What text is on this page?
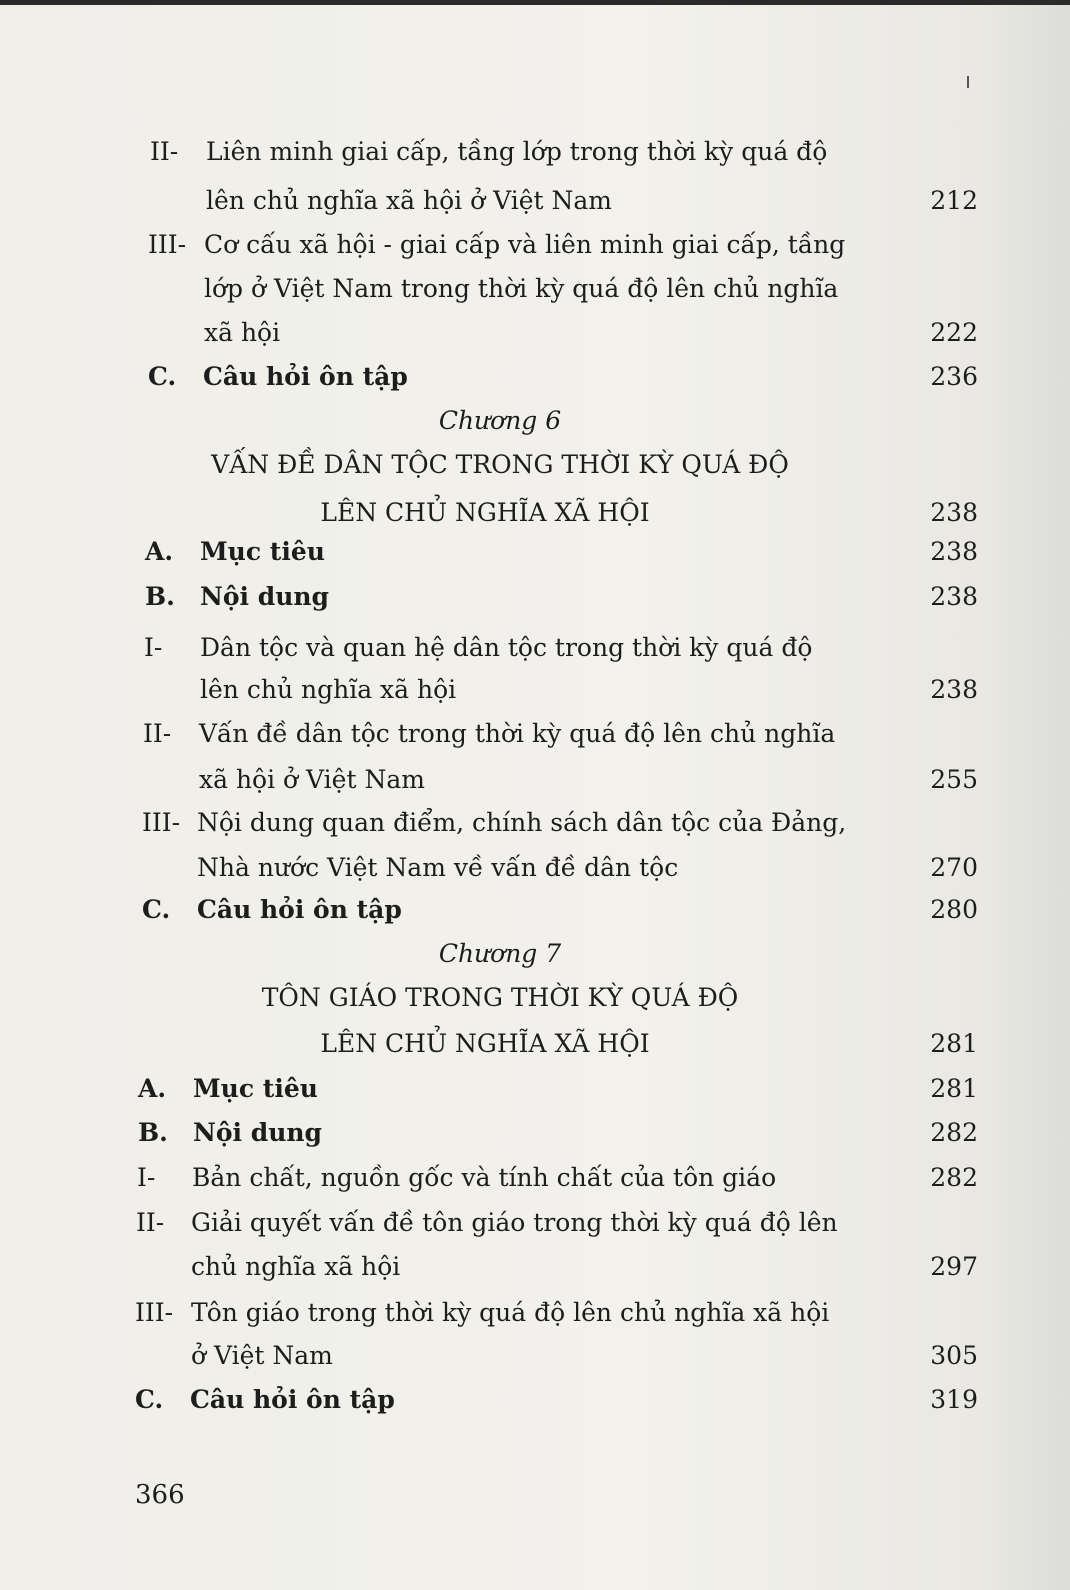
II- Liên minh giai cấp, tầng lớp trong thời kỳ quá độ
lên chủ nghĩa xã hội ở Việt Nam	212
III- Cơ cấu xã hội - giai cấp và liên minh giai cấp, tầng
lớp ở Việt Nam trong thời kỳ quá độ lên chủ nghĩa
xã hội	222
C. Câu hỏi ôn tập	236
Chương 6
VẤN ĐỀ DÂN TỘC TRONG THỜI KỲ QUÁ ĐỘ
LÊN CHỦ NGHĨA XÃ HỘI	238
A. Mục tiêu	238
B. Nội dung	238
I- Dân tộc và quan hệ dân tộc trong thời kỳ quá độ
lên chủ nghĩa xã hội	238
II- Vấn đề dân tộc trong thời kỳ quá độ lên chủ nghĩa
xã hội ở Việt Nam	255
III- Nội dung quan điểm, chính sách dân tộc của Đảng,
Nhà nước Việt Nam về vấn đề dân tộc	270
C. Câu hỏi ôn tập	280
Chương 7
TÔN GIÁO TRONG THỜI KỲ QUÁ ĐỘ
LÊN CHỦ NGHĨA XÃ HỘI	281
A. Mục tiêu	281
B. Nội dung	282
I- Bản chất, nguồn gốc và tính chất của tôn giáo	282
II- Giải quyết vấn đề tôn giáo trong thời kỳ quá độ lên
chủ nghĩa xã hội	297
III- Tôn giáo trong thời kỳ quá độ lên chủ nghĩa xã hội
ở Việt Nam	305
C. Câu hỏi ôn tập	319
366
